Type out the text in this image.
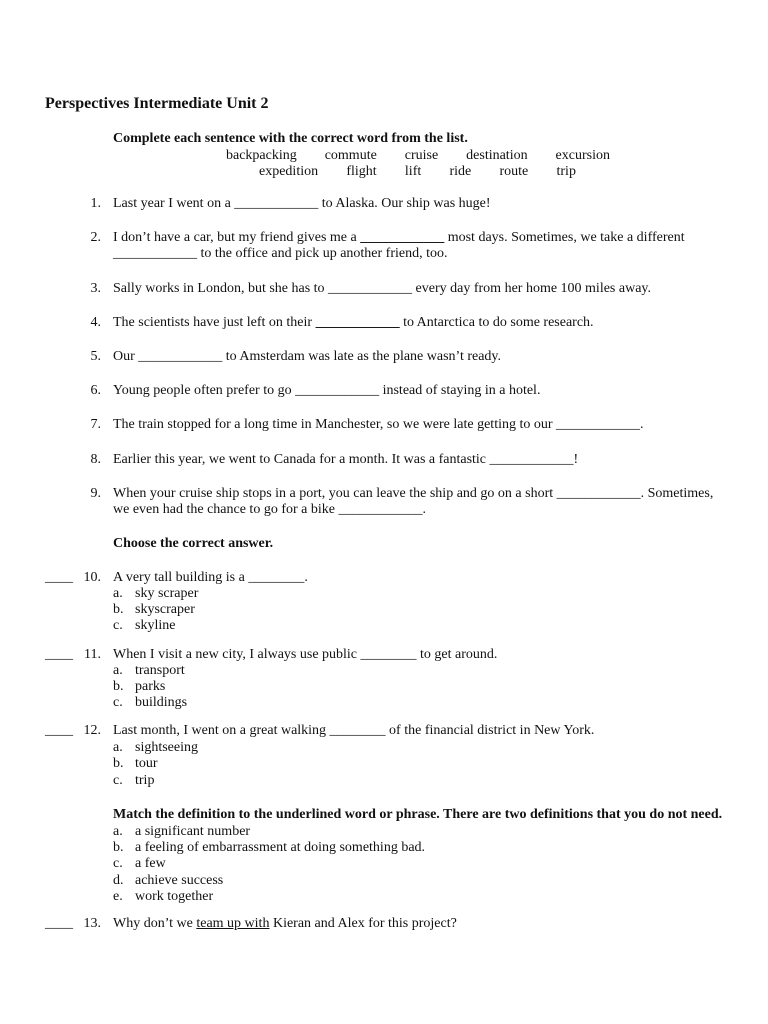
Perspectives Intermediate Unit 2
Complete each sentence with the correct word from the list.
backpacking commute cruise destination excursion
expedition flight lift ride route trip
1. Last year I went on a ____________ to Alaska. Our ship was huge!
2. I don’t have a car, but my friend gives me a ____________ most days. Sometimes, we take a different
____________ to the office and pick up another friend, too.
3. Sally works in London, but she has to ____________ every day from her home 100 miles away.
4. The scientists have just left on their ____________ to Antarctica to do some research.
5. Our ____________ to Amsterdam was late as the plane wasn’t ready.
6. Young people often prefer to go ____________ instead of staying in a hotel.
7. The train stopped for a long time in Manchester, so we were late getting to our ____________.
8. Earlier this year, we went to Canada for a month. It was a fantastic ____________!
9. When your cruise ship stops in a port, you can leave the ship and go on a short ____________. Sometimes,
we even had the chance to go for a bike ____________.
Choose the correct answer.
____ 10. A very tall building is a ________.
a. sky scraper
b. skyscraper
c. skyline
____ 11. When I visit a new city, I always use public ________ to get around.
a. transport
b. parks
c. buildings
____ 12. Last month, I went on a great walking ________ of the financial district in New York.
a. sightseeing
b. tour
c. trip
Match the definition to the underlined word or phrase. There are two definitions that you do not need.
a. a significant number
b. a feeling of embarrassment at doing something bad.
c. a few
d. achieve success
e. work together
____ 13. Why don’t we team up with Kieran and Alex for this project?
